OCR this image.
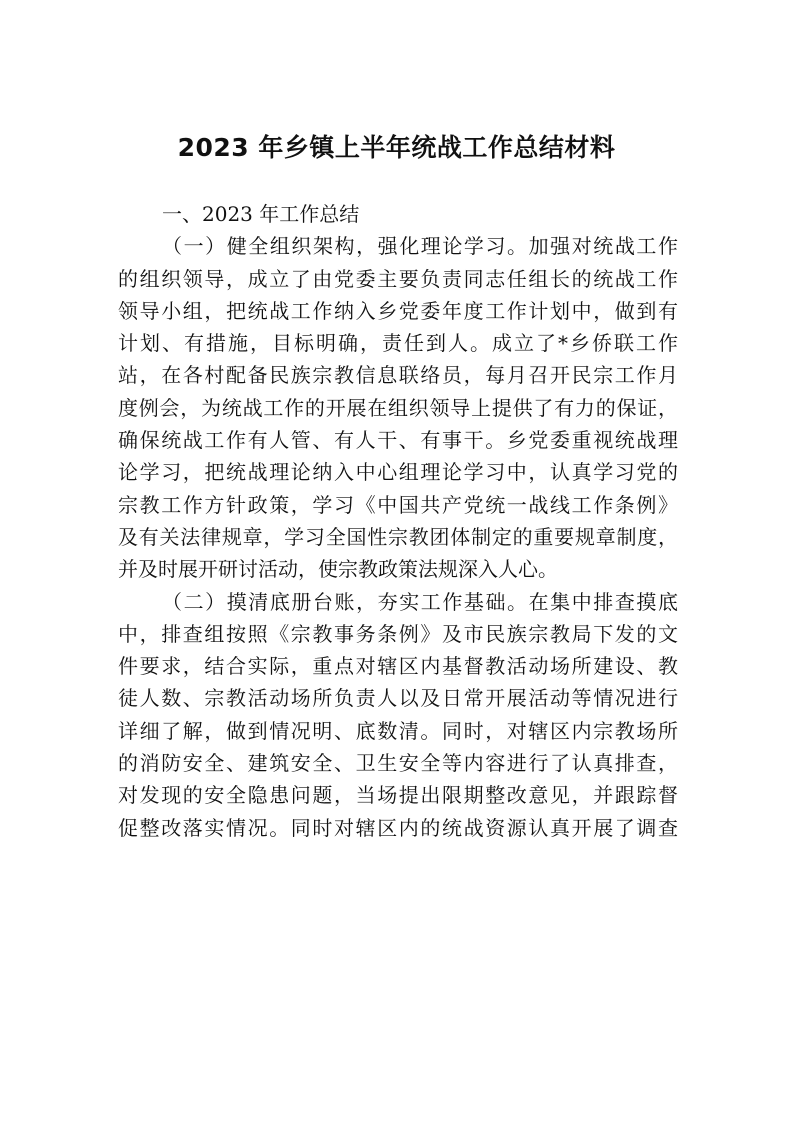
2023 年乡镇上半年统战工作总结材料
一、2023 年工作总结
（一）健全组织架构，强化理论学习。加强对统战工作
的组织领导，成立了由党委主要负责同志任组长的统战工作
领导小组，把统战工作纳入乡党委年度工作计划中，做到有
计划、有措施，目标明确，责任到人。成立了*乡侨联工作
站，在各村配备民族宗教信息联络员，每月召开民宗工作月
度例会，为统战工作的开展在组织领导上提供了有力的保证，
确保统战工作有人管、有人干、有事干。乡党委重视统战理
论学习，把统战理论纳入中心组理论学习中，认真学习党的
宗教工作方针政策，学习《中国共产党统一战线工作条例》
及有关法律规章，学习全国性宗教团体制定的重要规章制度，
并及时展开研讨活动，使宗教政策法规深入人心。
（二）摸清底册台账，夯实工作基础。在集中排查摸底
中，排查组按照《宗教事务条例》及市民族宗教局下发的文
件要求，结合实际，重点对辖区内基督教活动场所建设、教
徒人数、宗教活动场所负责人以及日常开展活动等情况进行
详细了解，做到情况明、底数清。同时，对辖区内宗教场所
的消防安全、建筑安全、卫生安全等内容进行了认真排查，
对发现的安全隐患问题，当场提出限期整改意见，并跟踪督
促整改落实情况。同时对辖区内的统战资源认真开展了调查
